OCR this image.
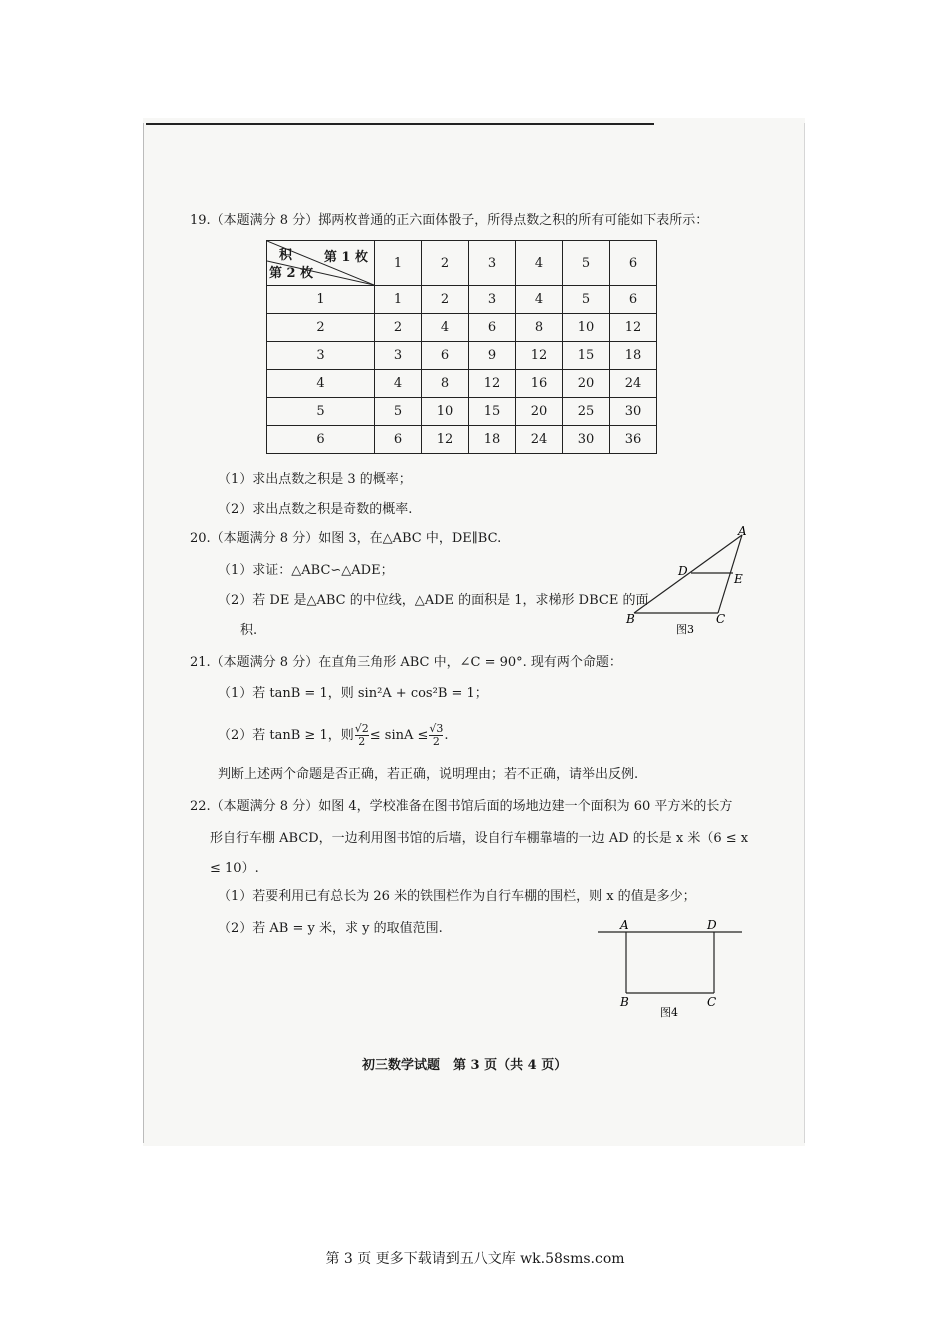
19.（本题满分 8 分）掷两枚普通的正六面体骰子，所得点数之积的所有可能如下表所示：
积 第 1 枚
第 2 枚	1	2	3	4	5	6
1	1	2	3	4	5	6
2	2	4	6	8	10	12
3	3	6	9	12	15	18
4	4	8	12	16	20	24
5	5	10	15	20	25	30
6	6	12	18	24	30	36
（1）求出点数之积是 3 的概率；
（2）求出点数之积是奇数的概率.
20.（本题满分 8 分）如图 3，在△ABC 中，DE∥BC.
（1）求证：△ABC∽△ADE；
（2）若 DE 是△ABC 的中位线，△ADE 的面积是 1，求梯形 DBCE 的面
积.
A
D
E
B	C
图3
21.（本题满分 8 分）在直角三角形 ABC 中，∠C = 90°. 现有两个命题：
（1）若 tanB = 1，则 sin²A + cos²B = 1；
（2）若 tanB ≥ 1，则 $\frac{√2}{2} \le \sin A \le \frac{√3}{2}$ .
判断上述两个命题是否正确，若正确，说明理由；若不正确，请举出反例.
22.（本题满分 8 分）如图 4，学校准备在图书馆后面的场地边建一个面积为 60 平方米的长方
形自行车棚 ABCD，一边利用图书馆的后墙，设自行车棚靠墙的一边 AD 的长是 x 米（6 ≤ x
≤ 10）.
（1）若要利用已有总长为 26 米的铁围栏作为自行车棚的围栏，则 x 的值是多少；
（2）若 AB = y 米，求 y 的取值范围.	A	D
B	C
图4
初三数学试题　第 3 页（共 4 页）
第 3 页 更多下载请到五八文库 wk.58sms.com
